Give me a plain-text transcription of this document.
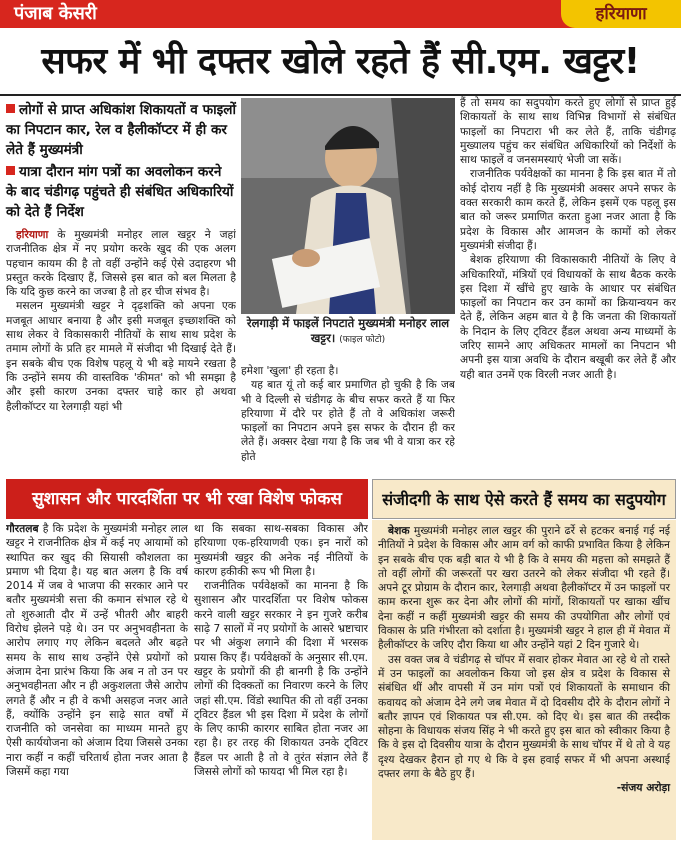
पंजाब केसरी	हरियाणा
सफर में भी दफ्तर खोले रहते हैं सी.एम. खट्टर!
लोगों से प्राप्त अधिकांश शिकायतों व फाइलों का निपटान कार, रेल व हैलीकॉप्टर में ही कर लेते हैं मुख्यमंत्री
यात्रा दौरान मांग पत्रों का अवलोकन करने के बाद चंडीगढ़ पहुंचते ही संबंधित अधिकारियों को देते हैं निर्देश

हरियाणा के मुख्यमंत्री मनोहर लाल खट्टर ने जहां राजनीतिक क्षेत्र में नए प्रयोग करके खुद की एक अलग पहचान कायम की है तो वहीं उन्होंने कई ऐसे उदाहरण भी प्रस्तुत करके दिखाए हैं, जिससे इस बात को बल मिलता है कि यदि कुछ करने का जज्बा है तो हर चीज संभव है।

मसलन मुख्यमंत्री खट्टर ने दृढ़शक्ति को अपना एक मजबूत आधार बनाया है और इसी मजबूत इच्छाशक्ति को साथ लेकर वे विकासकारी नीतियों के साथ साथ प्रदेश के तमाम लोगों के प्रति हर मामले में संजीदा भी दिखाई देते हैं। इन सबके बीच एक विशेष पहलू ये भी बड़े मायने रखता है कि उन्होंने समय की वास्तविक 'कीमत' को भी समझा है और इसी कारण उनका दफ्तर चाहे कार हो अथवा हैलीकॉप्टर या रेलगाड़ी यहां भी

रेलगाड़ी में फाइलें निपटाते मुख्यमंत्री मनोहर लाल खट्टर। (फाइल फोटो)

हमेशा 'खुला' ही रहता है।

यह बात यूं तो कई बार प्रमाणित हो चुकी है कि जब भी वे दिल्ली से चंडीगढ़ के बीच सफर करते हैं या फिर हरियाणा में दौरे पर होते हैं तो वे अधिकांश जरूरी फाइलों का निपटान अपने इस सफर के दौरान ही कर लेते हैं। अक्सर देखा गया है कि जब भी वे यात्रा कर रहे होते

हैं तो समय का सदुपयोग करते हुए लोगों से प्राप्त हुई शिकायतों के साथ साथ विभिन्न विभागों से संबंधित फाइलों का निपटारा भी कर लेते हैं, ताकि चंडीगढ़ मुख्यालय पहुंच कर संबंधित अधिकारियों को निर्देशों के साथ फाइलें व जनसमस्याएं भेजी जा सकें।

राजनीतिक पर्यवेक्षकों का मानना है कि इस बात में तो कोई दोराय नहीं है कि मुख्यमंत्री अक्सर अपने सफर के वक्त सरकारी काम करते हैं, लेकिन इसमें एक पहलू इस बात को जरूर प्रमाणित करता हुआ नजर आता है कि प्रदेश के विकास और आमजन के कामों को लेकर मुख्यमंत्री संजीदा हैं।

बेशक हरियाणा की विकासकारी नीतियों के लिए वे अधिकारियों, मंत्रियों एवं विधायकों के साथ बैठक करके इस दिशा में खींचे हुए खाके के आधार पर संबंधित फाइलों का निपटान कर उन कामों का क्रियान्वयन कर देते हैं, लेकिन अहम बात ये है कि जनता की शिकायतों के निदान के लिए ट्विटर हैंडल अथवा अन्य माध्यमों के जरिए सामने आए अधिकतर मामलों का निपटान भी अपनी इस यात्रा अवधि के दौरान बखूबी कर लेते हैं और यही बात उनमें एक विरली नजर आती है।

सुशासन और पारदर्शिता पर भी रखा विशेष फोकस

गौरतलब है कि प्रदेश के मुख्यमंत्री मनोहर लाल खट्टर ने राजनीतिक क्षेत्र में कई नए आयामों को स्थापित कर खुद की सियासी कौशलता का प्रमाण भी दिया है। यह बात अलग है कि वर्ष 2014 में जब वे भाजपा की सरकार आने पर बतौर मुख्यमंत्री सत्ता की कमान संभाल रहे थे तो शुरुआती दौर में उन्हें भीतरी और बाहरी विरोध झेलने पड़े थे। उन पर अनुभवहीनता के आरोप लगाए गए लेकिन बदलते और बढ़ते समय के साथ साथ उन्होंने ऐसे प्रयोगों को अंजाम देना प्रारंभ किया कि अब न तो उन पर अनुभवहीनता और न ही अकुशलता जैसे आरोप लगते हैं और न ही वे कभी असहज नजर आते हैं, क्योंकि उन्होंने इन साढ़े सात वर्षों में राजनीति को जनसेवा का माध्यम मानते हुए ऐसी कार्ययोजना को अंजाम दिया जिससे उनका नारा कहीं न कहीं चरितार्थ होता नजर आता है जिसमें कहा गया

था कि सबका साथ-सबका विकास और हरियाणा एक-हरियाणवी एक। इन नारों को मुख्यमंत्री खट्टर की अनेक नई नीतियों के कारण हकीकी रूप भी मिला है।

राजनीतिक पर्यवेक्षकों का मानना है कि सुशासन और पारदर्शिता पर विशेष फोकस करने वाली खट्टर सरकार ने इन गुजरे करीब साढ़े 7 सालों में नए प्रयोगों के आसरे भ्रष्टाचार पर भी अंकुश लगाने की दिशा में भरसक प्रयास किए हैं। पर्यवेक्षकों के अनुसार सी.एम. खट्टर के प्रयोगों की ही बानगी है कि उन्होंने लोगों की दिक्कतों का निवारण करने के लिए जहां सी.एम. विंडो स्थापित की तो वहीं उनका ट्विटर हैंडल भी इस दिशा में प्रदेश के लोगों के लिए काफी कारगर साबित होता नजर आ रहा है। हर तरह की शिकायत उनके ट्विटर हैंडल पर आती है तो वे तुरंत संज्ञान लेते हैं जिससे लोगों को फायदा भी मिल रहा है।

संजीदगी के साथ ऐसे करते हैं समय का सदुपयोग

बेशक मुख्यमंत्री मनोहर लाल खट्टर की पुराने ढर्रे से हटकर बनाई गई नई नीतियों ने प्रदेश के विकास और आम वर्ग को काफी प्रभावित किया है लेकिन इन सबके बीच एक बड़ी बात ये भी है कि वे समय की महत्ता को समझते हैं तो वहीं लोगों की जरूरतों पर खरा उतरने को लेकर संजीदा भी रहते हैं। अपने टूर प्रोग्राम के दौरान कार, रेलगाड़ी अथवा हैलीकॉप्टर में उन फाइलों पर काम करना शुरू कर देना और लोगों की मांगों, शिकायतों पर खाका खींच देना कहीं न कहीं मुख्यमंत्री खट्टर की समय की उपयोगिता और लोगों एवं विकास के प्रति गंभीरता को दर्शाता है। मुख्यमंत्री खट्टर ने हाल ही में मेवात में हैलीकॉप्टर के जरिए दौरा किया था और उन्होंने यहां 2 दिन गुजारे थे।

उस वक्त जब वे चंडीगढ़ से चॉपर में सवार होकर मेवात आ रहे थे तो रास्ते में उन फाइलों का अवलोकन किया जो इस क्षेत्र व प्रदेश के विकास से संबंधित थीं और वापसी में उन मांग पत्रों एवं शिकायतों के समाधान की कवायद को अंजाम देने लगे जब मेवात में दो दिवसीय दौरे के दौरान लोगों ने बतौर ज्ञापन एवं शिकायत पत्र सी.एम. को दिए थे। इस बात की तस्दीक सोहना के विधायक संजय सिंह ने भी करते हुए इस बात को स्वीकार किया है कि वे इस दो दिवसीय यात्रा के दौरान मुख्यमंत्री के साथ चॉपर में थे तो वे यह दृश्य देखकर हैरान हो गए थे कि वे इस हवाई सफर में भी अपना अस्थाई दफ्तर लगा के बैठे हुए हैं।

-संजय अरोड़ा
